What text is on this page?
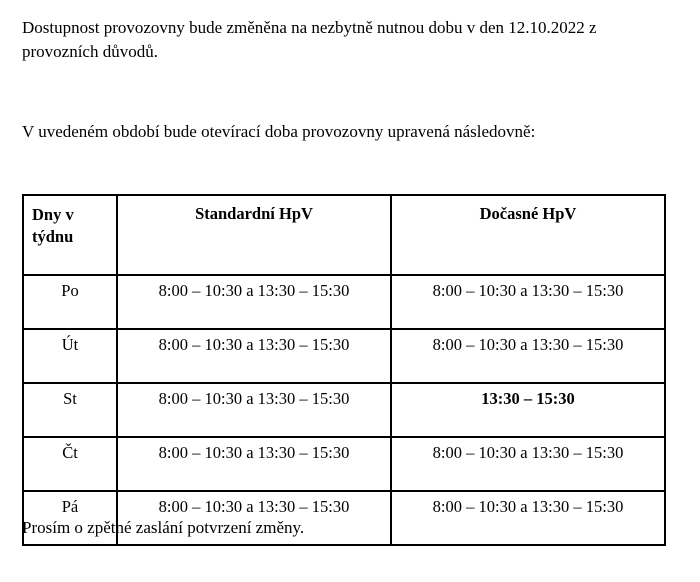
Dostupnost provozovny bude změněna na nezbytně nutnou dobu v den 12.10.2022 z provozních důvodů.

V uvedeném období bude otevírací doba provozovny upravená následovně:

Dny v
týdnu	Standardní HpV	Dočasné HpV
Po	8:00 – 10:30 a 13:30 – 15:30	8:00 – 10:30 a 13:30 – 15:30
Út	8:00 – 10:30 a 13:30 – 15:30	8:00 – 10:30 a 13:30 – 15:30
St	8:00 – 10:30 a 13:30 – 15:30	13:30 – 15:30
Čt	8:00 – 10:30 a 13:30 – 15:30	8:00 – 10:30 a 13:30 – 15:30
Pá	8:00 – 10:30 a 13:30 – 15:30	8:00 – 10:30 a 13:30 – 15:30

Prosím o zpětné zaslání potvrzení změny.
